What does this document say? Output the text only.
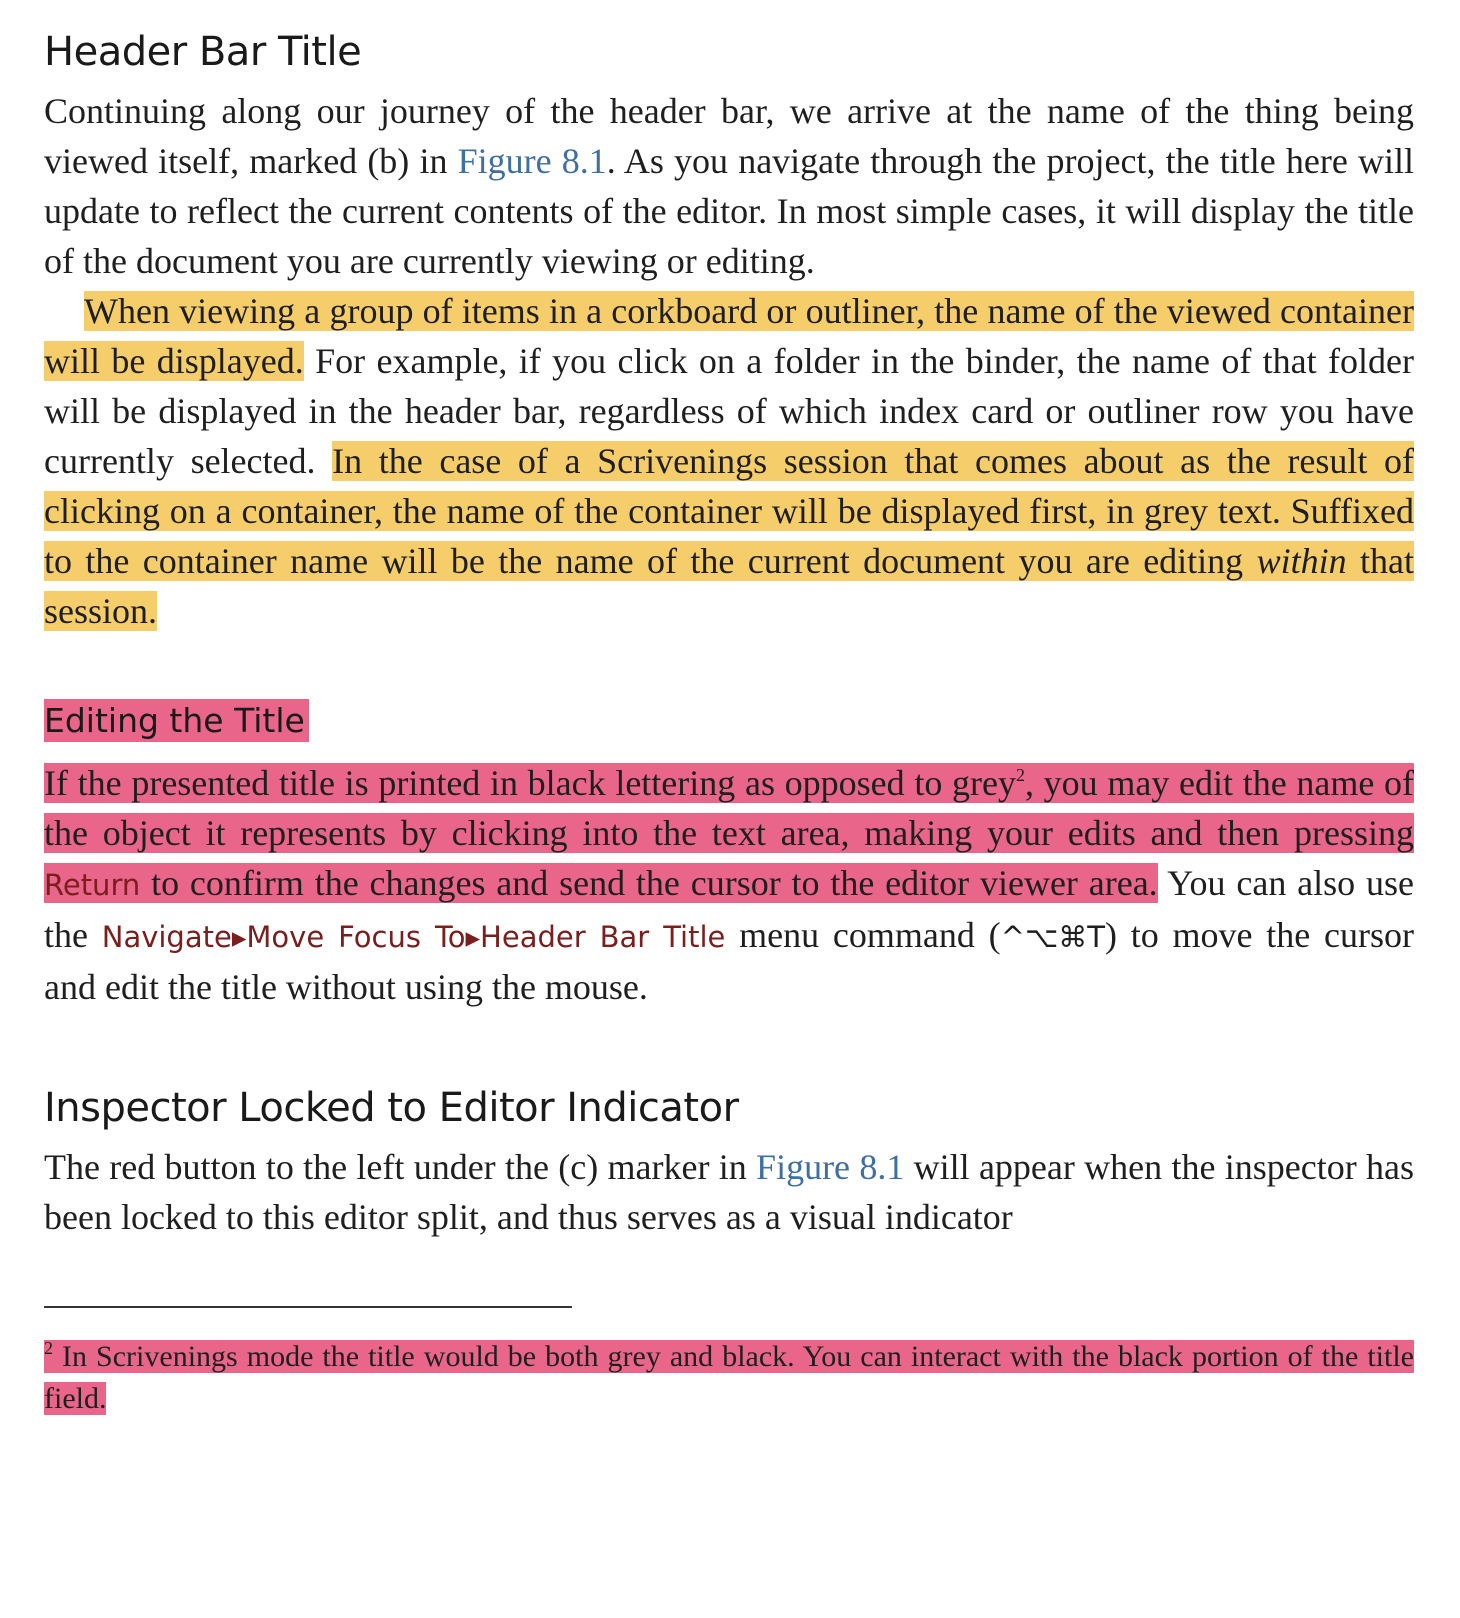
Header Bar Title

Continuing along our journey of the header bar, we arrive at the name of the thing being viewed itself, marked (b) in Figure 8.1. As you navigate through the project, the title here will update to reflect the current contents of the editor. In most simple cases, it will display the title of the document you are currently viewing or editing.

When viewing a group of items in a corkboard or outliner, the name of the viewed container will be displayed. For example, if you click on a folder in the binder, the name of that folder will be displayed in the header bar, regardless of which index card or outliner row you have currently selected. In the case of a Scrivenings session that comes about as the result of clicking on a container, the name of the container will be displayed first, in grey text. Suffixed to the container name will be the name of the current document you are editing within that session.

Editing the Title

If the presented title is printed in black lettering as opposed to grey$^2$, you may edit the name of the object it represents by clicking into the text area, making your edits and then pressing Return to confirm the changes and send the cursor to the editor viewer area. You can also use the Navigate▸Move Focus To▸Header Bar Title menu command (^⌥⌘T) to move the cursor and edit the title without using the mouse.

Inspector Locked to Editor Indicator

The red button to the left under the (c) marker in Figure 8.1 will appear when the inspector has been locked to this editor split, and thus serves as a visual indicator

$^2$ In Scrivenings mode the title would be both grey and black. You can interact with the black portion of the title field.
